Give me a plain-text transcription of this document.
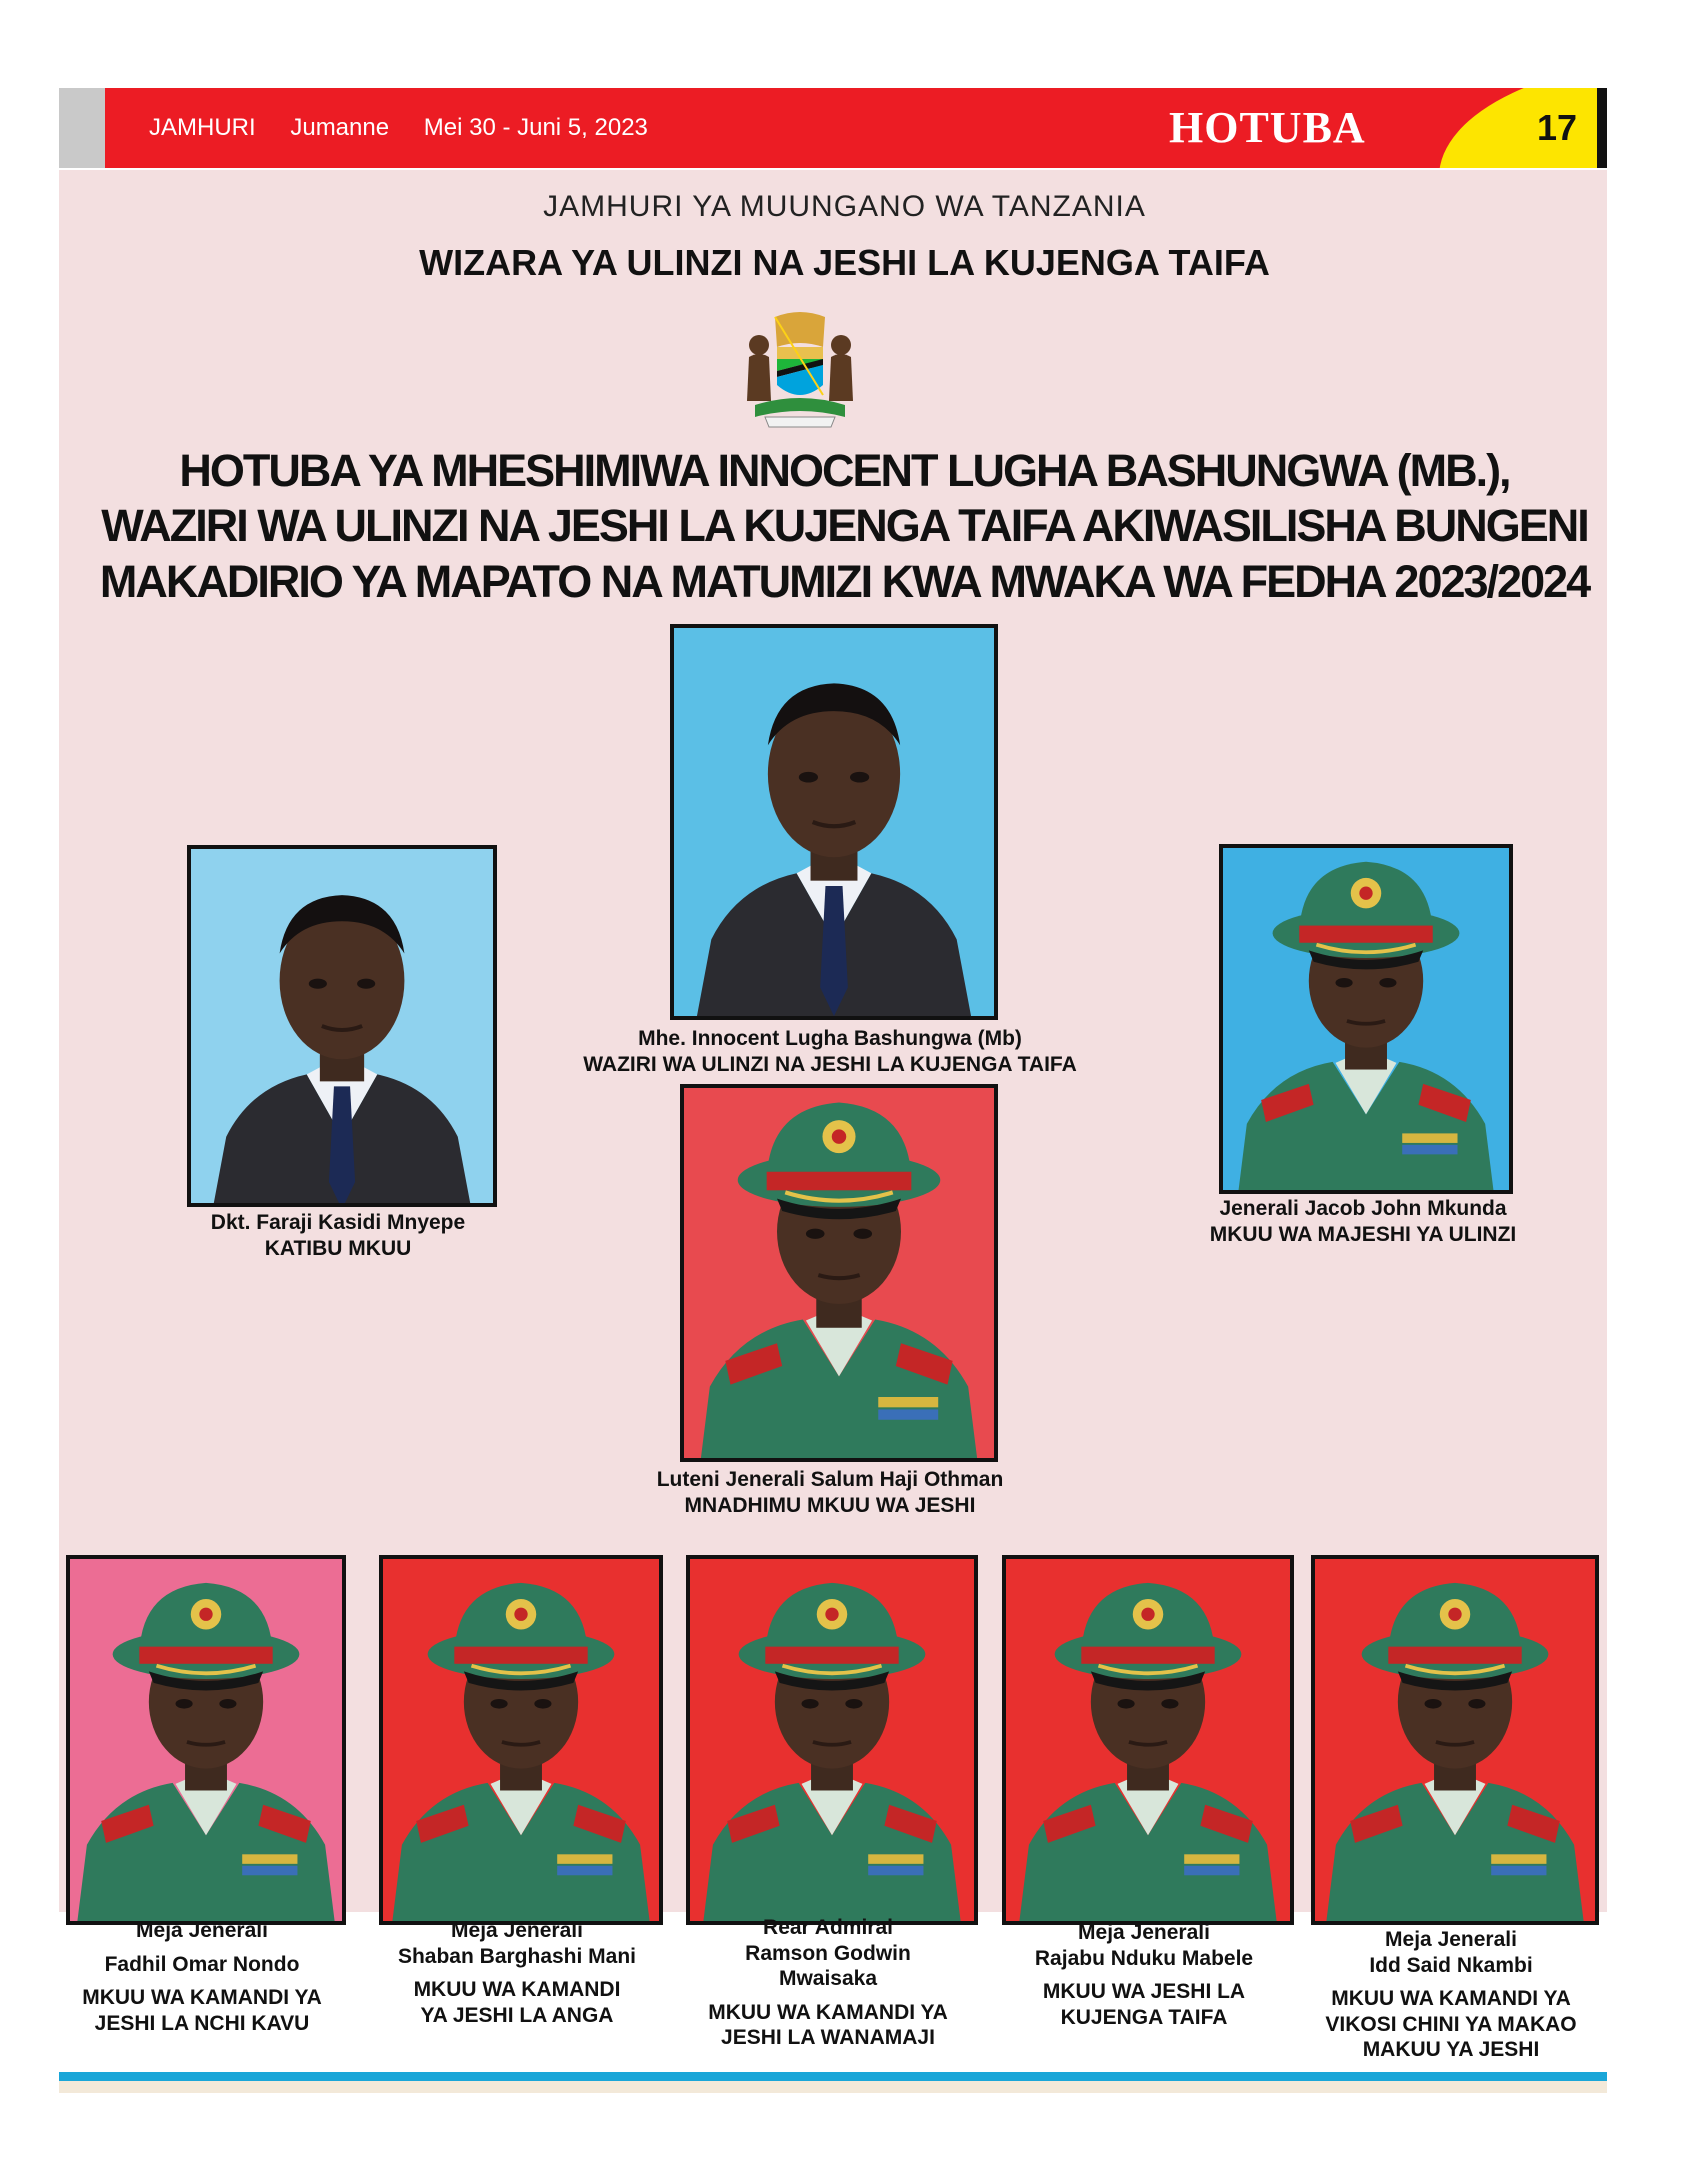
JAMHURI Jumanne Mei 30 - Juni 5, 2023	HOTUBA	17
JAMHURI YA MUUNGANO WA TANZANIA
WIZARA YA ULINZI NA JESHI LA KUJENGA TAIFA
HOTUBA YA MHESHIMIWA INNOCENT LUGHA BASHUNGWA (MB.),
WAZIRI WA ULINZI NA JESHI LA KUJENGA TAIFA AKIWASILISHA BUNGENI
MAKADIRIO YA MAPATO NA MATUMIZI KWA MWAKA WA FEDHA 2023/2024
Mhe. Innocent Lugha Bashungwa (Mb)
WAZIRI WA ULINZI NA JESHI LA KUJENGA TAIFA
Dkt. Faraji Kasidi Mnyepe
KATIBU MKUU
Jenerali Jacob John Mkunda
MKUU WA MAJESHI YA ULINZI
Luteni Jenerali Salum Haji Othman
MNADHIMU MKUU WA JESHI
Meja Jenerali
Fadhil Omar Nondo
MKUU WA KAMANDI YA
JESHI LA NCHI KAVU
Meja Jenerali
Shaban Barghashi Mani
MKUU WA KAMANDI
YA JESHI LA ANGA
Rear Admiral
Ramson Godwin
Mwaisaka
MKUU WA KAMANDI YA
JESHI LA WANAMAJI
Meja Jenerali
Rajabu Nduku Mabele
MKUU WA JESHI LA
KUJENGA TAIFA
Meja Jenerali
Idd Said Nkambi
MKUU WA KAMANDI YA
VIKOSI CHINI YA MAKAO
MAKUU YA JESHI
